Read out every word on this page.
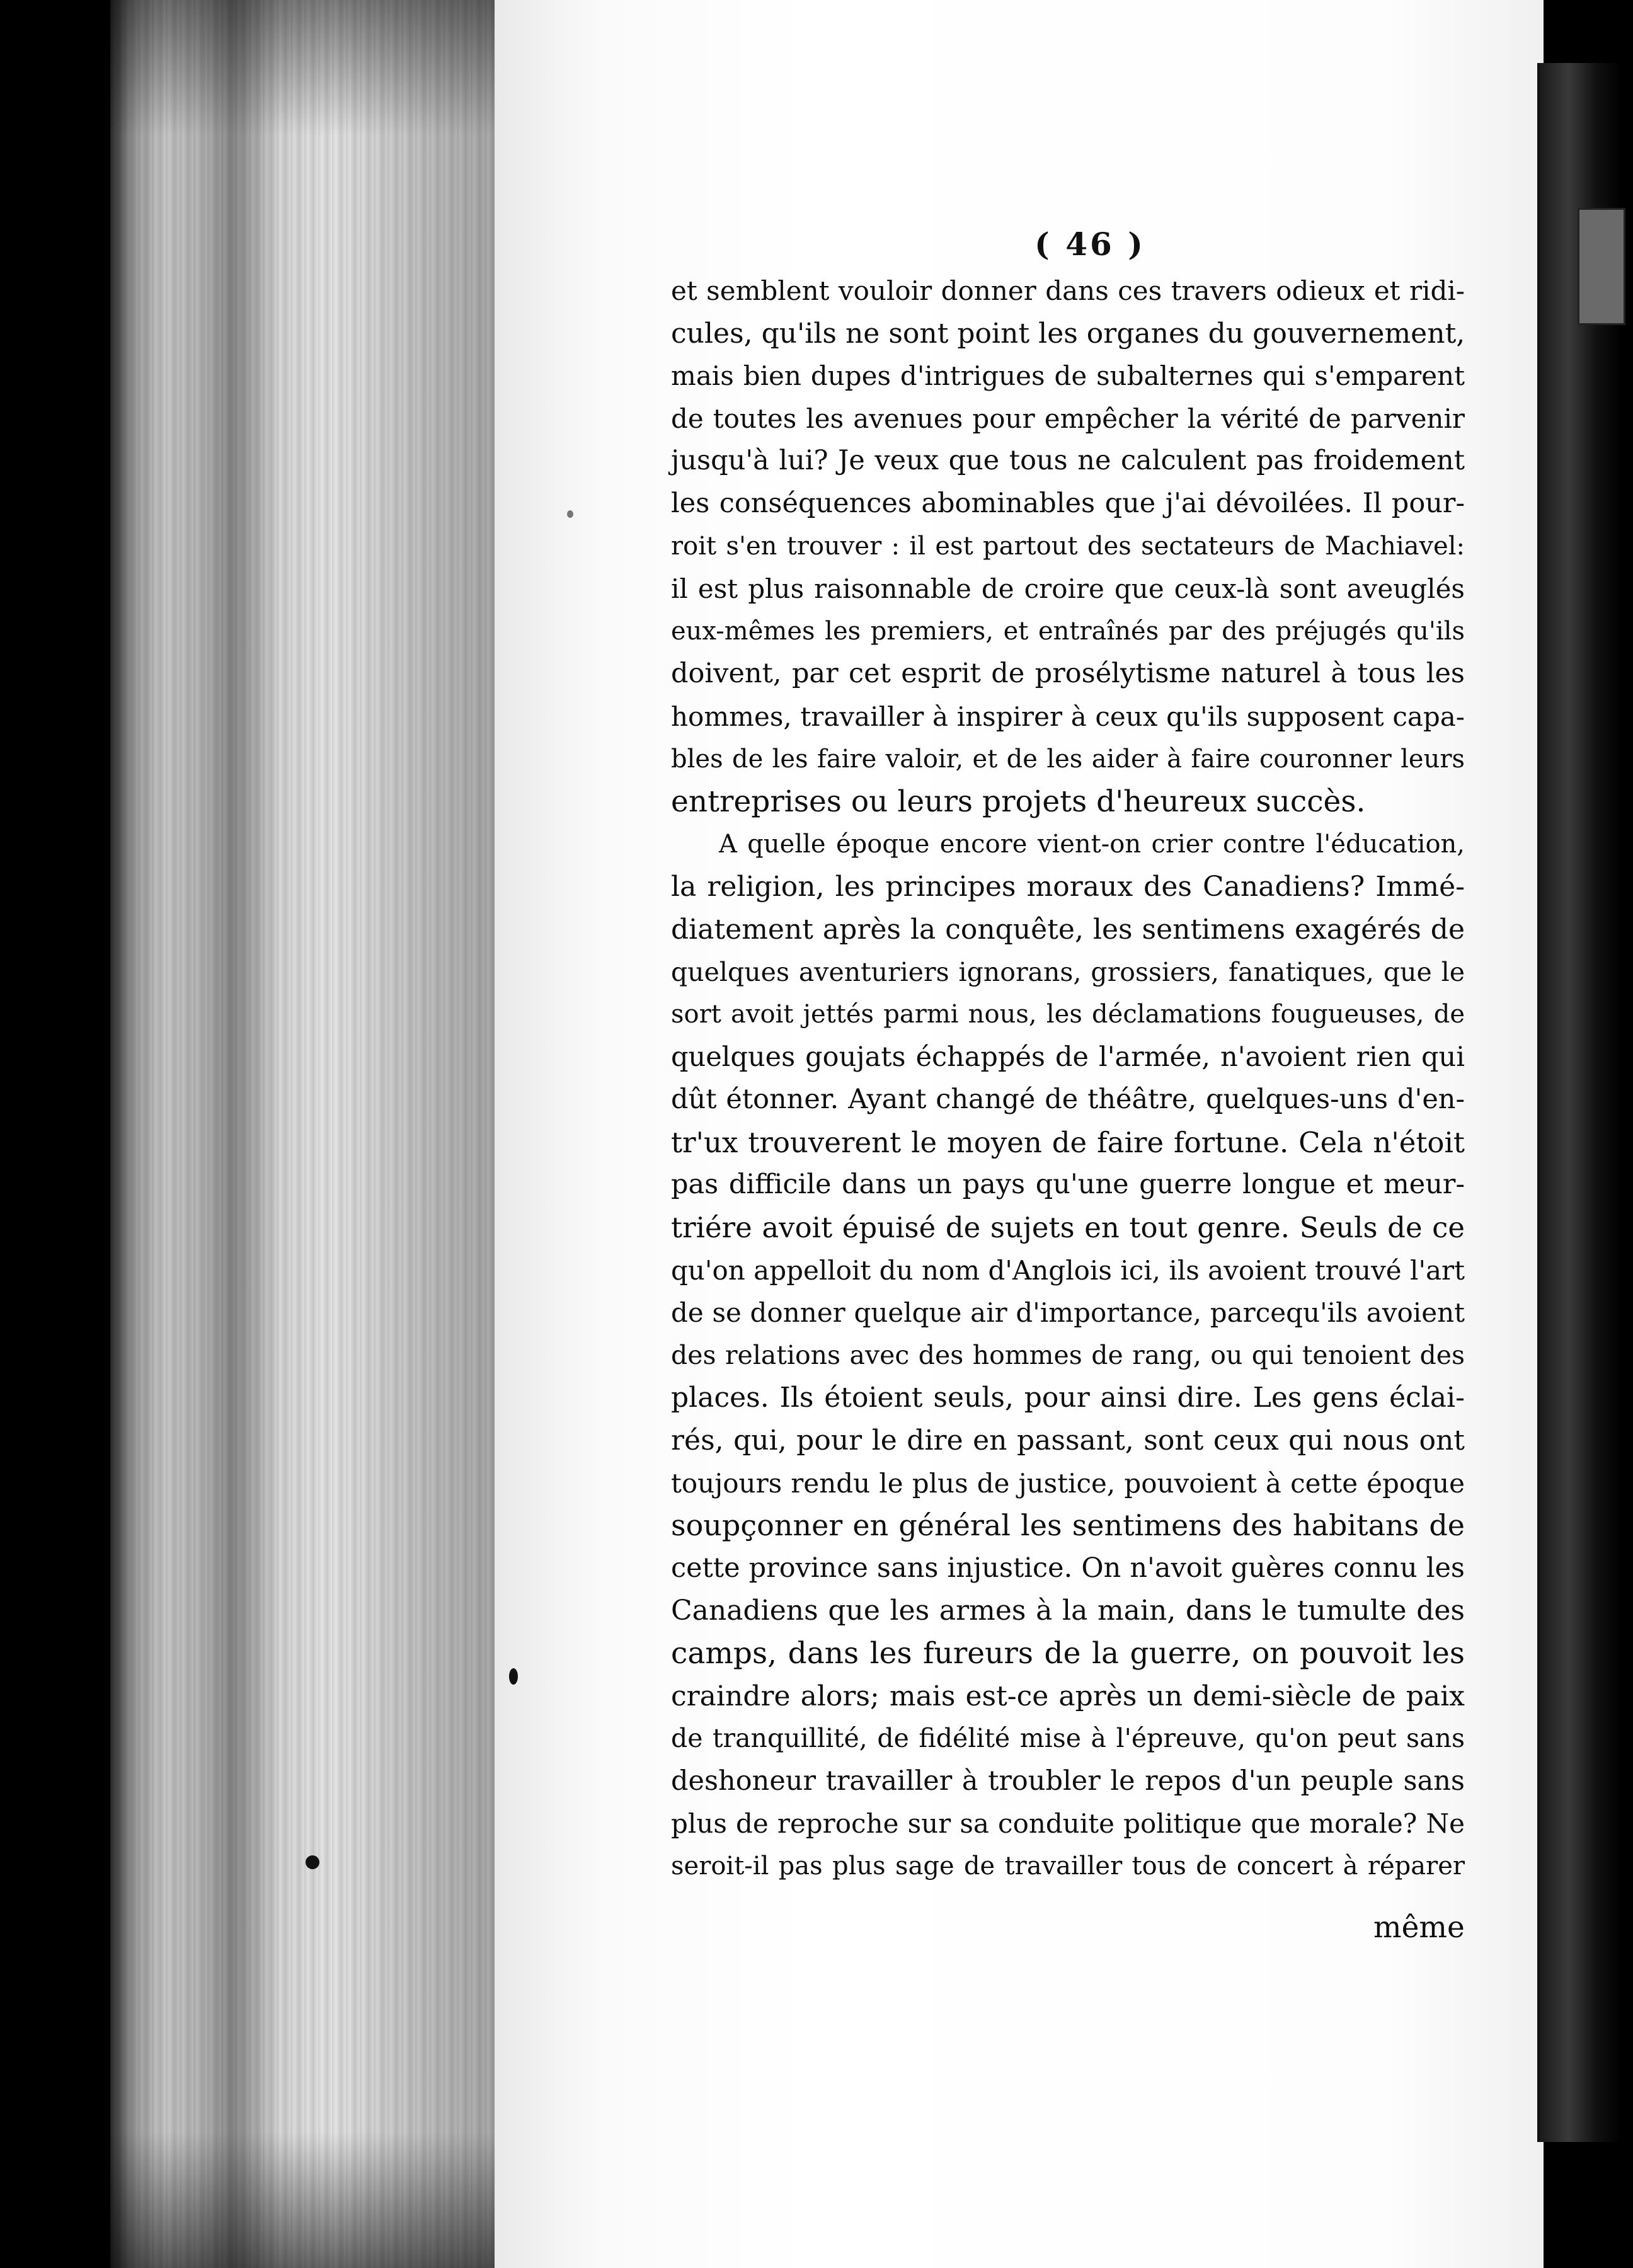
( 46 )
et semblent vouloir donner dans ces travers odieux et ridi-
cules, qu'ils ne sont point les organes du gouvernement,
mais bien dupes d'intrigues de subalternes qui s'emparent
de toutes les avenues pour empêcher la vérité de parvenir
jusqu'à lui? Je veux que tous ne calculent pas froidement
les conséquences abominables que j'ai dévoilées. Il pour-
roit s'en trouver : il est partout des sectateurs de Machiavel:
il est plus raisonnable de croire que ceux-là sont aveuglés
eux-mêmes les premiers, et entraînés par des préjugés qu'ils
doivent, par cet esprit de prosélytisme naturel à tous les
hommes, travailler à inspirer à ceux qu'ils supposent capa-
bles de les faire valoir, et de les aider à faire couronner leurs
entreprises ou leurs projets d'heureux succès.
A quelle époque encore vient-on crier contre l'éducation,
la religion, les principes moraux des Canadiens? Immé-
diatement après la conquête, les sentimens exagérés de
quelques aventuriers ignorans, grossiers, fanatiques, que le
sort avoit jettés parmi nous, les déclamations fougueuses, de
quelques goujats échappés de l'armée, n'avoient rien qui
dût étonner. Ayant changé de théâtre, quelques-uns d'en-
tr'ux trouverent le moyen de faire fortune. Cela n'étoit
pas difficile dans un pays qu'une guerre longue et meur-
triére avoit épuisé de sujets en tout genre. Seuls de ce
qu'on appelloit du nom d'Anglois ici, ils avoient trouvé l'art
de se donner quelque air d'importance, parcequ'ils avoient
des relations avec des hommes de rang, ou qui tenoient des
places. Ils étoient seuls, pour ainsi dire. Les gens éclai-
rés, qui, pour le dire en passant, sont ceux qui nous ont
toujours rendu le plus de justice, pouvoient à cette époque
soupçonner en général les sentimens des habitans de
cette province sans injustice. On n'avoit guères connu les
Canadiens que les armes à la main, dans le tumulte des
camps, dans les fureurs de la guerre, on pouvoit les
craindre alors; mais est-ce après un demi-siècle de paix
de tranquillité, de fidélité mise à l'épreuve, qu'on peut sans
deshoneur travailler à troubler le repos d'un peuple sans
plus de reproche sur sa conduite politique que morale? Ne
seroit-il pas plus sage de travailler tous de concert à réparer
même
